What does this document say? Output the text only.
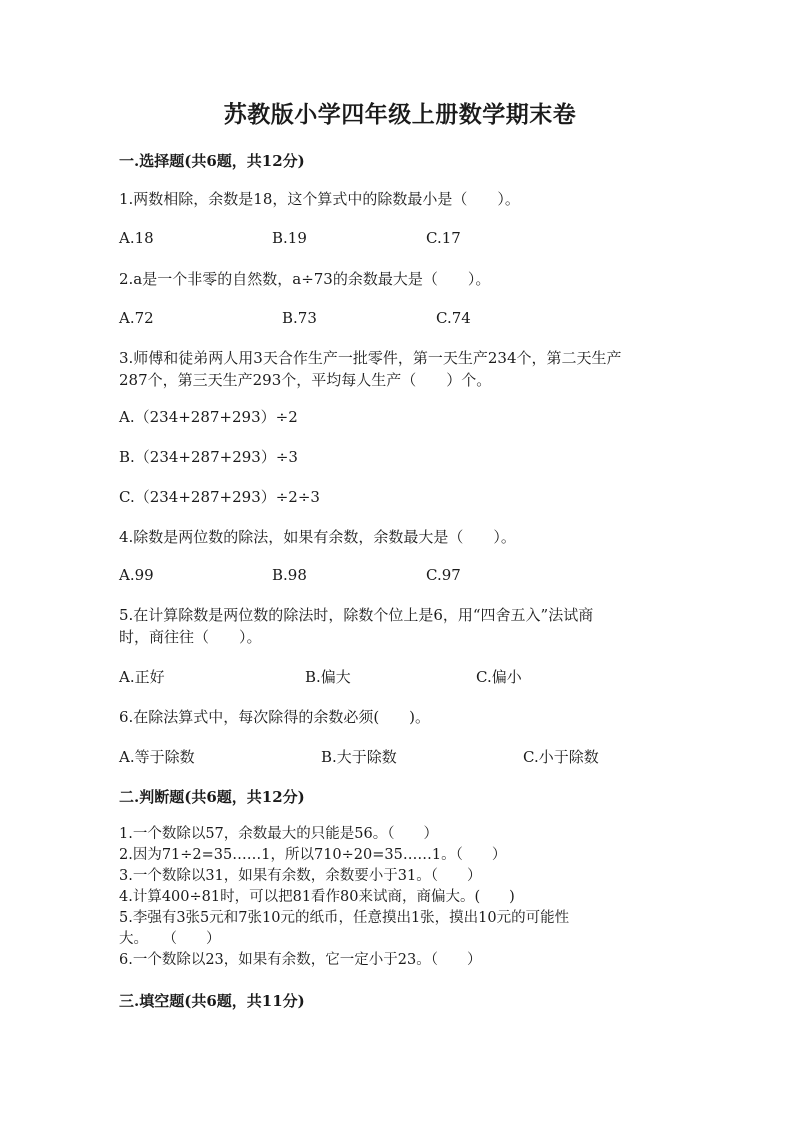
苏教版小学四年级上册数学期末卷
一.选择题(共6题，共12分)
1.两数相除，余数是18，这个算式中的除数最小是（　　）。
A.18	B.19	C.17
2.a是一个非零的自然数，a÷73的余数最大是（　　）。
A.72	B.73	C.74
3.师傅和徒弟两人用3天合作生产一批零件，第一天生产234个，第二天生产
287个，第三天生产293个，平均每人生产（　　）个。
A.（234+287+293）÷2
B.（234+287+293）÷3
C.（234+287+293）÷2÷3
4.除数是两位数的除法，如果有余数，余数最大是（　　）。
A.99	B.98	C.97
5.在计算除数是两位数的除法时，除数个位上是6，用“四舍五入”法试商
时，商往往（　　）。
A.正好	B.偏大	C.偏小
6.在除法算式中，每次除得的余数必须(　　)。
A.等于除数	B.大于除数	C.小于除数
二.判断题(共6题，共12分)
1.一个数除以57，余数最大的只能是56。（　　）
2.因为71÷2=35……1，所以710÷20=35……1。（　　）
3.一个数除以31，如果有余数，余数要小于31。（　　）
4.计算400÷81时，可以把81看作80来试商，商偏大。(　　)
5.李强有3张5元和7张10元的纸币，任意摸出1张，摸出10元的可能性
大。　　（　　）
6.一个数除以23，如果有余数，它一定小于23。（　　）
三.填空题(共6题，共11分)
